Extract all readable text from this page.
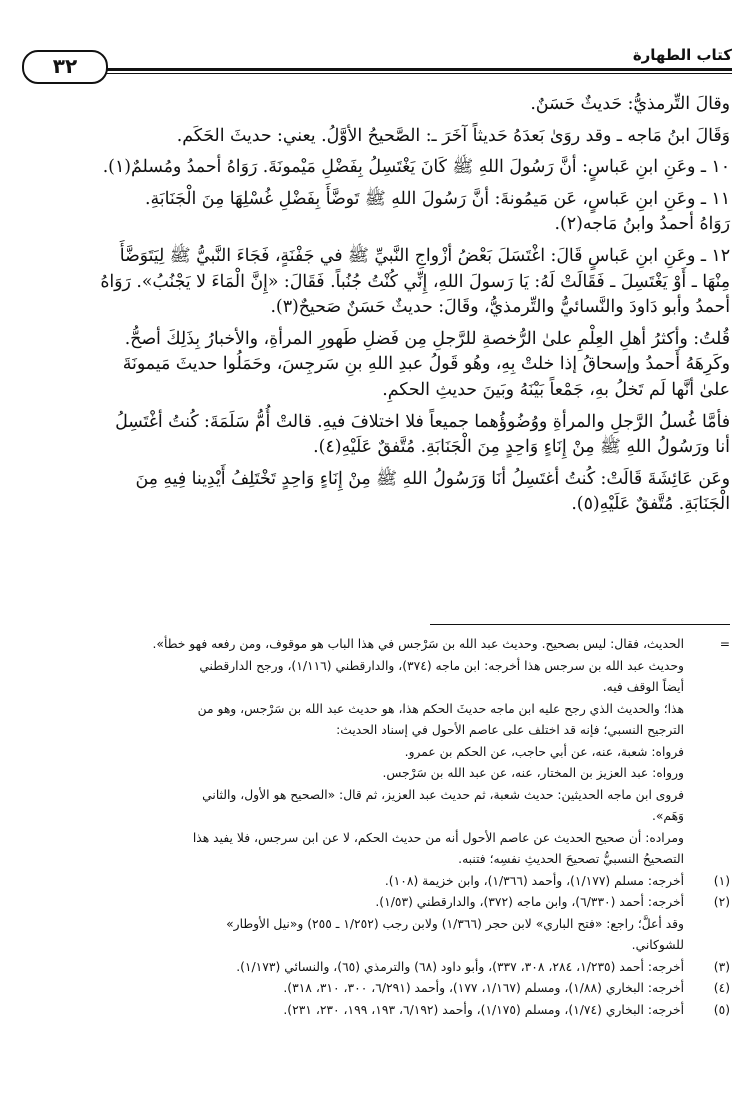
كتاب الطهارة
٣٢

وقالَ التِّرمذيُّ: حَديثٌ حَسَنٌ.

وَقَالَ ابنُ مَاجه ـ وقد روَىٰ بَعدَهُ حَديثاً آخَرَ ـ: الصَّحيحُ الأوَّلُ. يعني: حديثَ الحَكَم.

١٠ ـ وعَنِ ابنِ عَباسٍ: أنَّ رَسُولَ اللهِ ﷺ كَانَ يَغْتَسِلُ بِفَضْلِ مَيْمونَةَ. رَوَاهُ أحمدُ ومُسلمٌ(١).

١١ ـ وعَنِ ابنِ عَباسٍ، عَن مَيمُونةَ: أنَّ رَسُولَ اللهِ ﷺ تَوضَّأَ بِفَضْلِ غُسْلِهَا مِنَ الْجَنَابَةِ.

رَوَاهُ أحمدُ وابنُ مَاجه(٢).

١٢ ـ وعَنِ ابنِ عَباسٍ قَالَ: اغْتَسَلَ بَعْضُ أزْواجِ النَّبيِّ ﷺ في جَفْنَةٍ، فَجَاءَ النَّبيُّ ﷺ لِيَتَوَضَّأَ

مِنْهَا ـ أَوْ يَغْتَسِلَ ـ فَقَالَتْ لَهُ: يَا رَسولَ اللهِ، إِنِّي كُنْتُ جُنُباً. فَقَالَ: «إِنَّ الْمَاءَ لا يَجْنُبُ». رَوَاهُ

أحمدُ وأبو دَاودَ والنَّسائيُّ والتِّرمذيُّ، وقَالَ: حديثٌ حَسَنٌ صَحيحٌ(٣).

قُلتُ: وأكثرُ أهلِ العِلْمِ علىٰ الرُّخصةِ للرَّجلِ مِن فَضلِ طَهورِ المرأةِ، والأخبارُ بِذَلِكَ أصحُّ.

وكَرِهَهُ أَحمدُ وإسحاقُ إذا خلتْ بِهِ، وهُو قَولُ عبدِ اللهِ بنِ سَرجِسَ، وحَمَلُوا حديثَ مَيمونَةَ

علىٰ أنَّها لَم تَخلُ بهِ، جَمْعاً بَيْنَهُ وبَينَ حديثِ الحكمِ.

فأمَّا غُسلُ الرَّجلِ والمرأةِ ووُضُوؤُهما جميعاً فلا اختلافَ فيهِ. قالتْ أُمُّ سَلَمَةَ: كُنتُ أغْتَسِلُ

أنا ورَسُولُ اللهِ ﷺ مِنْ إِنَاءٍ وَاحِدٍ مِنَ الْجَنَابَةِ. مُتَّفقٌ عَلَيْهِ(٤).

وعَن عَائِشَةَ قَالَتْ: كُنتُ أغتَسِلُ أنَا وَرَسُولُ اللهِ ﷺ مِنْ إِنَاءٍ وَاحِدٍ تَخْتَلِفُ أَيْدِينا فِيهِ مِنَ

الْجَنَابَةِ. مُتَّفقٌ عَلَيْهِ(٥).

=

الحديث، فقال: ليس بصحيح. وحديث عبد الله بن سَرْجس في هذا الباب هو موقوف، ومن رفعه فهو خطأ».

وحديث عبد الله بن سرجس هذا أخرجه: ابن ماجه (٣٧٤)، والدارقطني (١/١١٦)، ورجح الدارقطني

أيضاً الوقف فيه.

هذا؛ والحديث الذي رجح عليه ابن ماجه حديثَ الحكم هذا، هو حديث عبد الله بن سَرْجس، وهو من

الترجيح النسبي؛ فإنه قد اختلف على عاصم الأحول في إسناد الحديث:

فرواه: شعبة، عنه، عن أبي حاجب، عن الحكم بن عمرو.

ورواه: عبد العزيز بن المختار، عنه، عن عبد الله بن سَرْجس.

فروى ابن ماجه الحديثين: حديث شعبة، ثم حديث عبد العزيز، ثم قال: «الصحيح هو الأول، والثاني

وَهَم».

ومراده: أن صحيح الحديث عن عاصم الأحول أنه من حديث الحكم، لا عن ابن سرجس، فلا يفيد هذا

التصحيحُ النسبيُّ تصحيحَ الحديثِ نفسِه؛ فتنبه.

(١)

أخرجه: مسلم (١/١٧٧)، وأحمد (١/٣٦٦)، وابن خزيمة (١٠٨).

(٢)

أخرجه: أحمد (٦/٣٣٠)، وابن ماجه (٣٧٢)، والدارقطني (١/٥٣).

وقد أعلَّ؛ راجع: «فتح الباري» لابن حجر (١/٣٦٦) ولابن رجب (١/٢٥٢ ـ ٢٥٥) و«نيل الأوطار»

للشوكاني.

(٣)

أخرجه: أحمد (١/٢٣٥، ٢٨٤، ٣٠٨، ٣٣٧)، وأبو داود (٦٨) والترمذي (٦٥)، والنسائي (١/١٧٣).

(٤)

أخرجه: البخاري (١/٨٨)، ومسلم (١/١٦٧، ١٧٧)، وأحمد (٦/٢٩١، ٣٠٠، ٣١٠، ٣١٨).

(٥)

أخرجه: البخاري (١/٧٤)، ومسلم (١/١٧٥)، وأحمد (٦/١٩٢، ١٩٣، ١٩٩، ٢٣٠، ٢٣١).
